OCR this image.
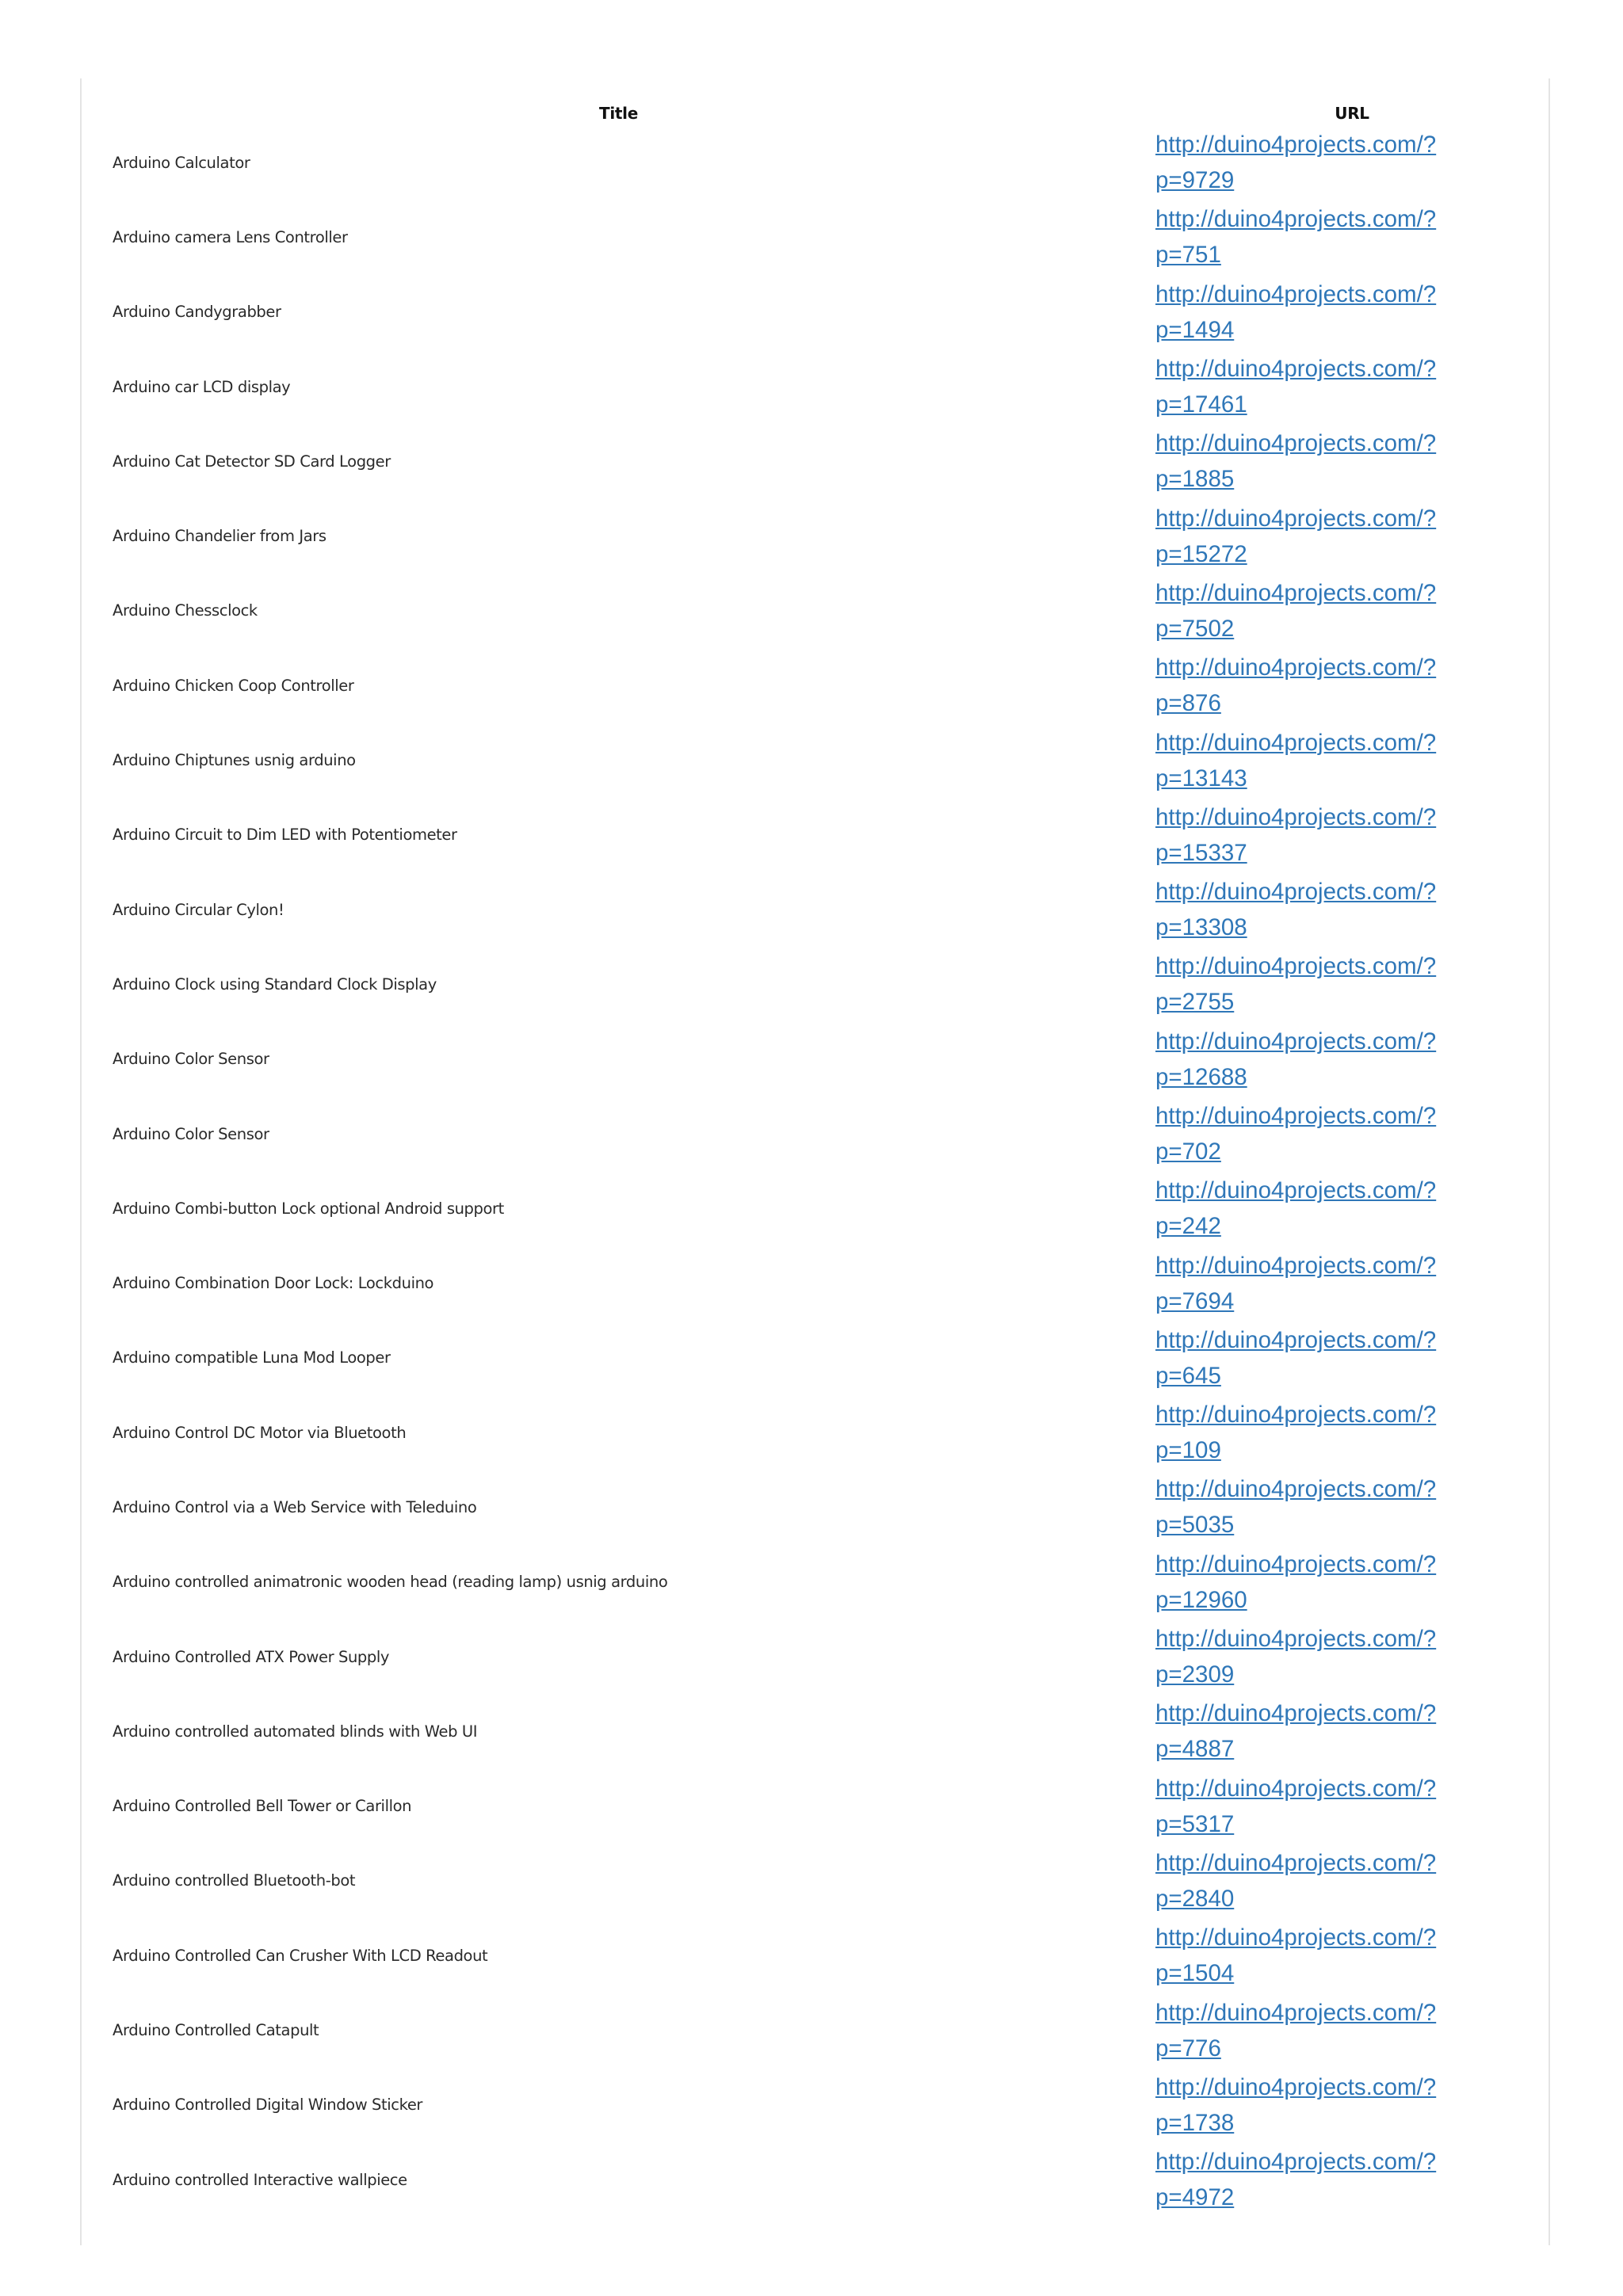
Title	URL
Arduino Calculator	http://duino4projects.com/?p=9729

Arduino camera Lens Controller	http://duino4projects.com/?p=751

Arduino Candygrabber	http://duino4projects.com/?p=1494

Arduino car LCD display	http://duino4projects.com/?p=17461

Arduino Cat Detector SD Card Logger	http://duino4projects.com/?p=1885

Arduino Chandelier from Jars	http://duino4projects.com/?p=15272

Arduino Chessclock	http://duino4projects.com/?p=7502

Arduino Chicken Coop Controller	http://duino4projects.com/?p=876

Arduino Chiptunes usnig arduino	http://duino4projects.com/?p=13143

Arduino Circuit to Dim LED with Potentiometer	http://duino4projects.com/?p=15337

Arduino Circular Cylon!	http://duino4projects.com/?p=13308

Arduino Clock using Standard Clock Display	http://duino4projects.com/?p=2755

Arduino Color Sensor	http://duino4projects.com/?p=12688

Arduino Color Sensor	http://duino4projects.com/?p=702

Arduino Combi-button Lock optional Android support	http://duino4projects.com/?p=242

Arduino Combination Door Lock: Lockduino	http://duino4projects.com/?p=7694

Arduino compatible Luna Mod Looper	http://duino4projects.com/?p=645

Arduino Control DC Motor via Bluetooth	http://duino4projects.com/?p=109

Arduino Control via a Web Service with Teleduino	http://duino4projects.com/?p=5035

Arduino controlled animatronic wooden head (reading lamp) usnig arduino	http://duino4projects.com/?p=12960

Arduino Controlled ATX Power Supply	http://duino4projects.com/?p=2309

Arduino controlled automated blinds with Web UI	http://duino4projects.com/?p=4887

Arduino Controlled Bell Tower or Carillon	http://duino4projects.com/?p=5317

Arduino controlled Bluetooth-bot	http://duino4projects.com/?p=2840

Arduino Controlled Can Crusher With LCD Readout	http://duino4projects.com/?p=1504

Arduino Controlled Catapult	http://duino4projects.com/?p=776

Arduino Controlled Digital Window Sticker	http://duino4projects.com/?p=1738

Arduino controlled Interactive wallpiece	http://duino4projects.com/?p=4972
